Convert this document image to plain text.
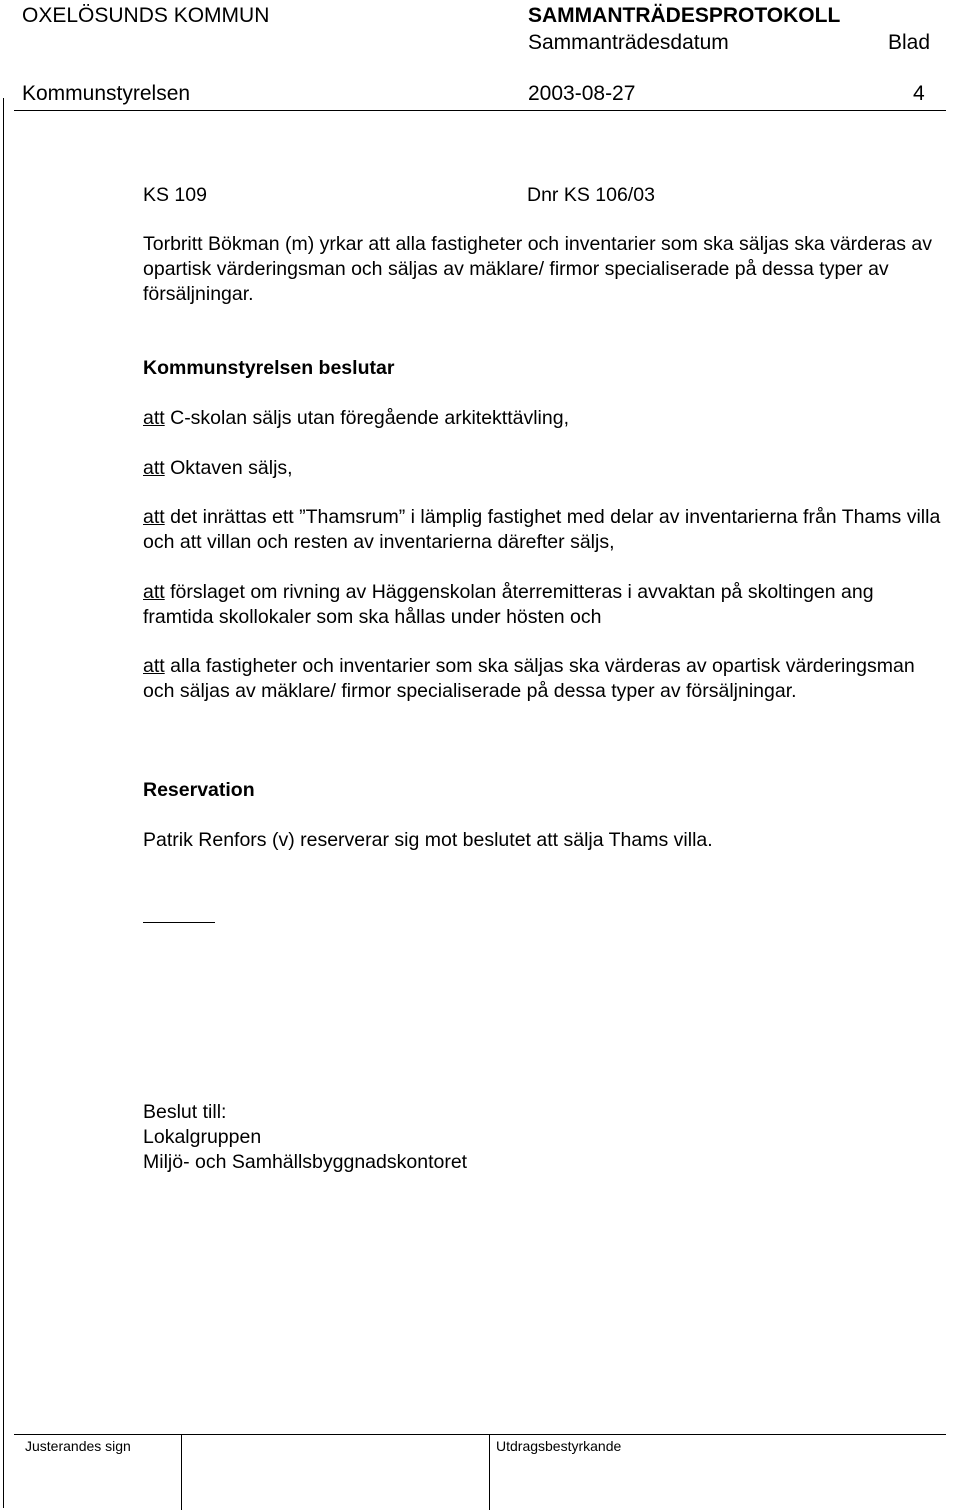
OXELÖSUNDS KOMMUN	SAMMANTRÄDESPROTOKOLL
Sammanträdesdatum	Blad
Kommunstyrelsen	2003-08-27	4
KS 109	Dnr KS 106/03
Torbritt Bökman (m) yrkar att alla fastigheter och inventarier som ska säljas ska värderas av opartisk värderingsman och säljas av mäklare/ firmor specialiserade på dessa typer av försäljningar.
Kommunstyrelsen beslutar
att C-skolan säljs utan föregående arkitekttävling,
att Oktaven säljs,
att det inrättas ett ”Thamsrum” i lämplig fastighet med delar av inventarierna från Thams villa och att villan och resten av inventarierna därefter säljs,
att förslaget om rivning av Häggenskolan återremitteras i avvaktan på skoltingen ang framtida skollokaler som ska hållas under hösten och
att alla fastigheter och inventarier som ska säljas ska värderas av opartisk värderingsman och säljas av mäklare/ firmor specialiserade på dessa typer av försäljningar.
Reservation
Patrik Renfors (v) reserverar sig mot beslutet att sälja Thams villa.
Beslut till:
Lokalgruppen
Miljö- och Samhällsbyggnadskontoret
Justerandes sign	Utdragsbestyrkande
